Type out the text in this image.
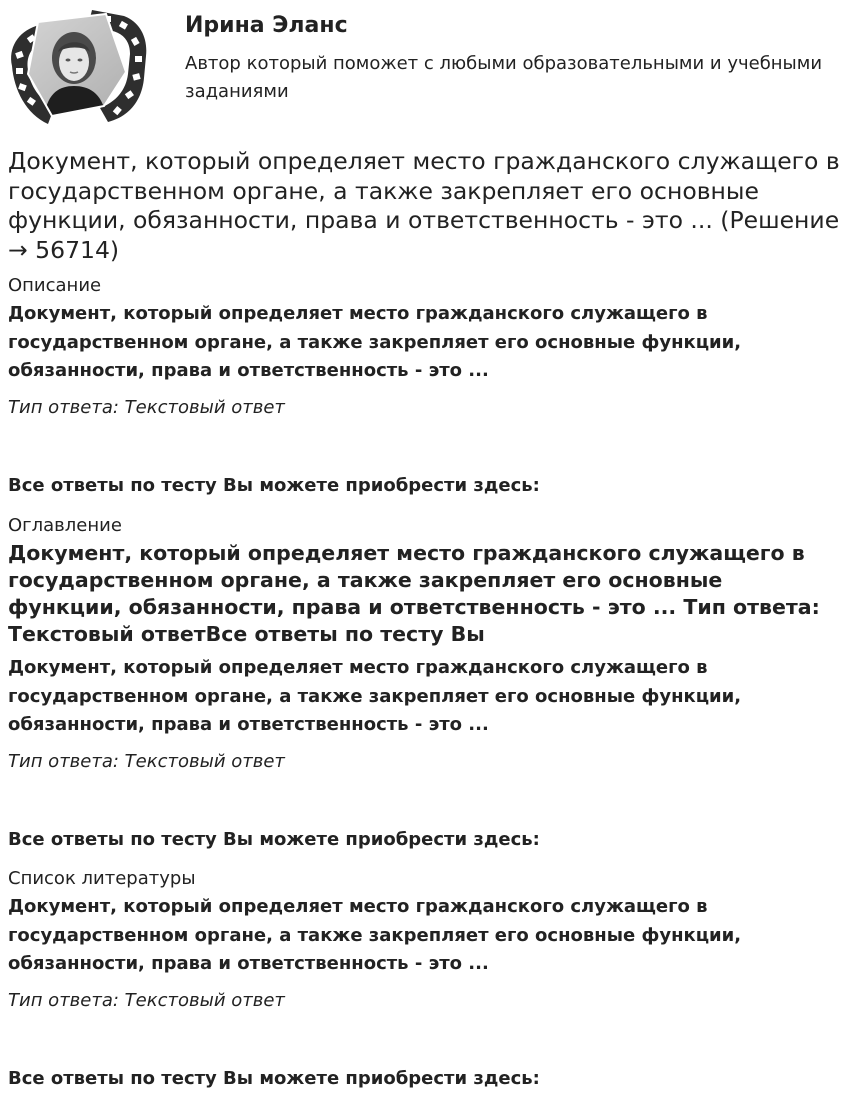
Ирина Эланс
Автор который поможет с любыми образовательными и учебными заданиями
Документ, который определяет место гражданского служащего в государственном органе, а также закрепляет его основные функции, обязанности, права и ответственность - это ... (Решение → 56714)
Описание
Документ, который определяет место гражданского служащего в государственном органе, а также закрепляет его основные функции, обязанности, права и ответственность - это ...
Тип ответа: Текстовый ответ
Все ответы по тесту Вы можете приобрести здесь:
Оглавление
Документ, который определяет место гражданского служащего в государственном органе, а также закрепляет его основные функции, обязанности, права и ответственность - это ... Тип ответа: Текстовый ответВсе ответы по тесту Вы
Документ, который определяет место гражданского служащего в государственном органе, а также закрепляет его основные функции, обязанности, права и ответственность - это ...
Тип ответа: Текстовый ответ
Все ответы по тесту Вы можете приобрести здесь:
Список литературы
Документ, который определяет место гражданского служащего в государственном органе, а также закрепляет его основные функции, обязанности, права и ответственность - это ...
Тип ответа: Текстовый ответ
Все ответы по тесту Вы можете приобрести здесь:
